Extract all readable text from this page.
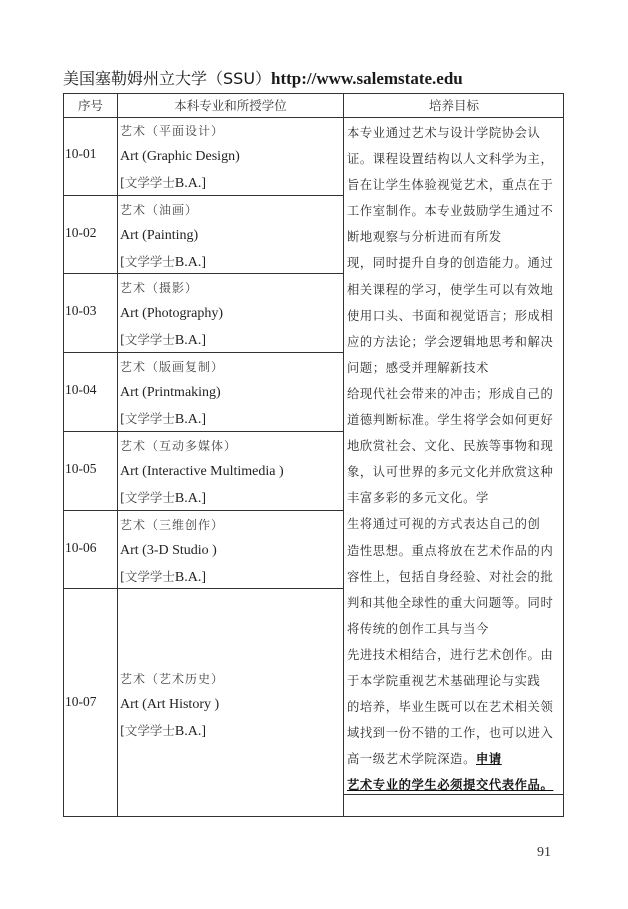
美国塞勒姆州立大学（SSU）http://www.salemstate.edu
序号	本科专业和所授学位	培养目标
10-01
艺术（平面设计）
Art (Graphic Design)
[文学学士B.A.]
10-02
艺术（油画）
Art (Painting)
[文学学士B.A.]
10-03
艺术（摄影）
Art (Photography)
[文学学士B.A.]
10-04
艺术（版画复制）
Art (Printmaking)
[文学学士B.A.]
10-05
艺术（互动多媒体）
Art (Interactive Multimedia )
[文学学士B.A.]
10-06
艺术（三维创作）
Art (3-D Studio )
[文学学士B.A.]
10-07
艺术（艺术历史）
Art (Art History )
[文学学士B.A.]
本专业通过艺术与设计学院协会认
证。课程设置结构以人文科学为主，
旨在让学生体验视觉艺术，重点在于
工作室制作。本专业鼓励学生通过不
断地观察与分析进而有所发
现，同时提升自身的创造能力。通过
相关课程的学习，使学生可以有效地
使用口头、书面和视觉语言；形成相
应的方法论；学会逻辑地思考和解决
问题；感受并理解新技术
给现代社会带来的冲击；形成自己的
道德判断标准。学生将学会如何更好
地欣赏社会、文化、民族等事物和现
象，认可世界的多元文化并欣赏这种
丰富多彩的多元文化。学
生将通过可视的方式表达自己的创
造性思想。重点将放在艺术作品的内
容性上，包括自身经验、对社会的批
判和其他全球性的重大问题等。同时
将传统的创作工具与当今
先进技术相结合，进行艺术创作。由
于本学院重视艺术基础理论与实践
的培养，毕业生既可以在艺术相关领
域找到一份不错的工作，也可以进入
高一级艺术学院深造。申请
艺术专业的学生必须提交代表作品。
91
